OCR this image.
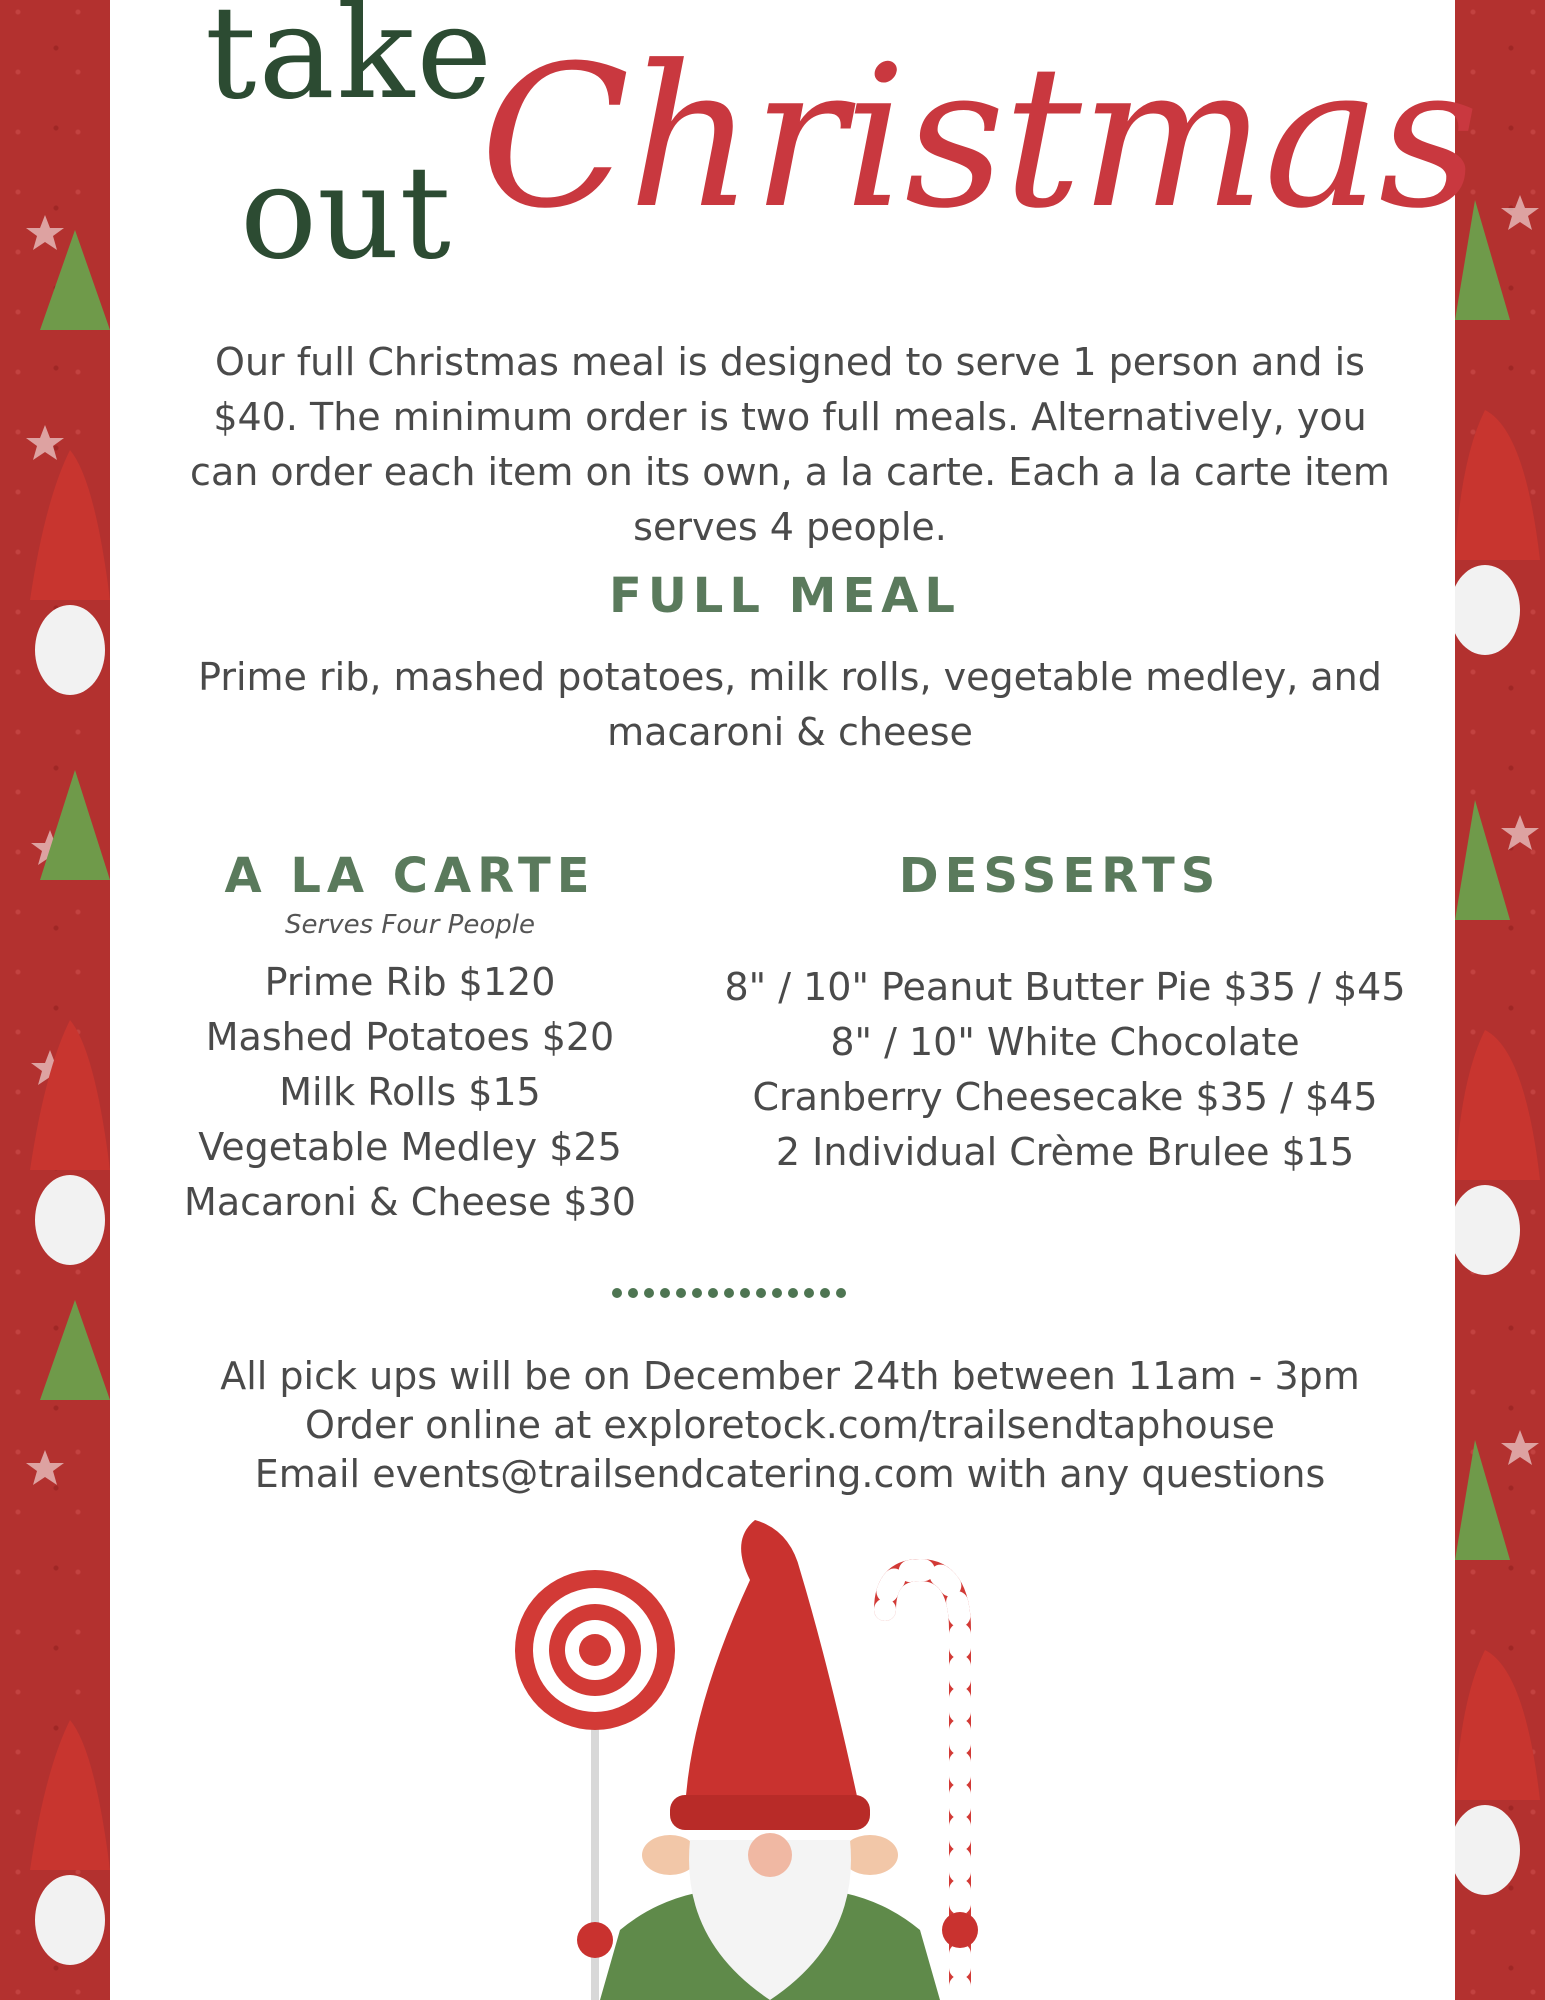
take
out Christmas
Our full Christmas meal is designed to serve 1 person and is $40. The minimum order is two full meals. Alternatively, you can order each item on its own, a la carte. Each a la carte item serves 4 people.
FULL MEAL
Prime rib, mashed potatoes, milk rolls, vegetable medley, and macaroni & cheese
A LA CARTE
Serves Four People
Prime Rib $120
Mashed Potatoes $20
Milk Rolls $15
Vegetable Medley $25
Macaroni & Cheese $30
DESSERTS
8" / 10" Peanut Butter Pie $35 / $45
8" / 10" White Chocolate
Cranberry Cheesecake $35 / $45
2 Individual Crème Brulee $15
All pick ups will be on December 24th between 11am - 3pm
Order online at exploretock.com/trailsendtaphouse
Email events@trailsendcatering.com with any questions
